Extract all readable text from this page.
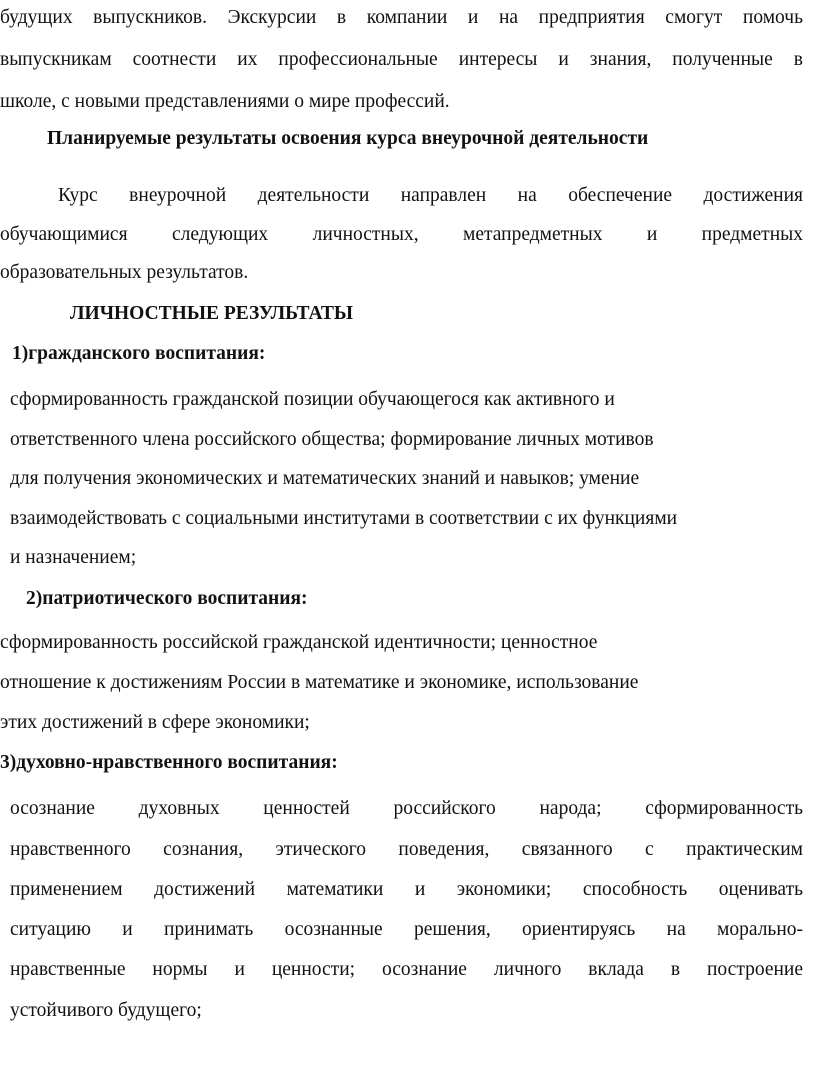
будущих выпускников. Экскурсии в компании и на предприятия смогут помочь
выпускникам соотнести их профессиональные интересы и знания, полученные в
школе, с новыми представлениями о мире профессий.
Планируемые результаты освоения курса внеурочной деятельности
Курс внеурочной деятельности направлен на обеспечение достижения
обучающимися следующих личностных, метапредметных и предметных
образовательных результатов.
ЛИЧНОСТНЫЕ РЕЗУЛЬТАТЫ
1)гражданского воспитания:
сформированность гражданской позиции обучающегося как активного и
ответственного члена российского общества; формирование личных мотивов
для получения экономических и математических знаний и навыков; умение
взаимодействовать с социальными институтами в соответствии с их функциями
и назначением;
2)патриотического воспитания:
сформированность российской гражданской идентичности; ценностное
отношение к достижениям России в математике и экономике, использование
этих достижений в сфере экономики;
3)духовно-нравственного воспитания:
осознание духовных ценностей российского народа; сформированность
нравственного сознания, этического поведения, связанного с практическим
применением достижений математики и экономики; способность оценивать
ситуацию и принимать осознанные решения, ориентируясь на морально-
нравственные нормы и ценности; осознание личного вклада в построение
устойчивого будущего;
